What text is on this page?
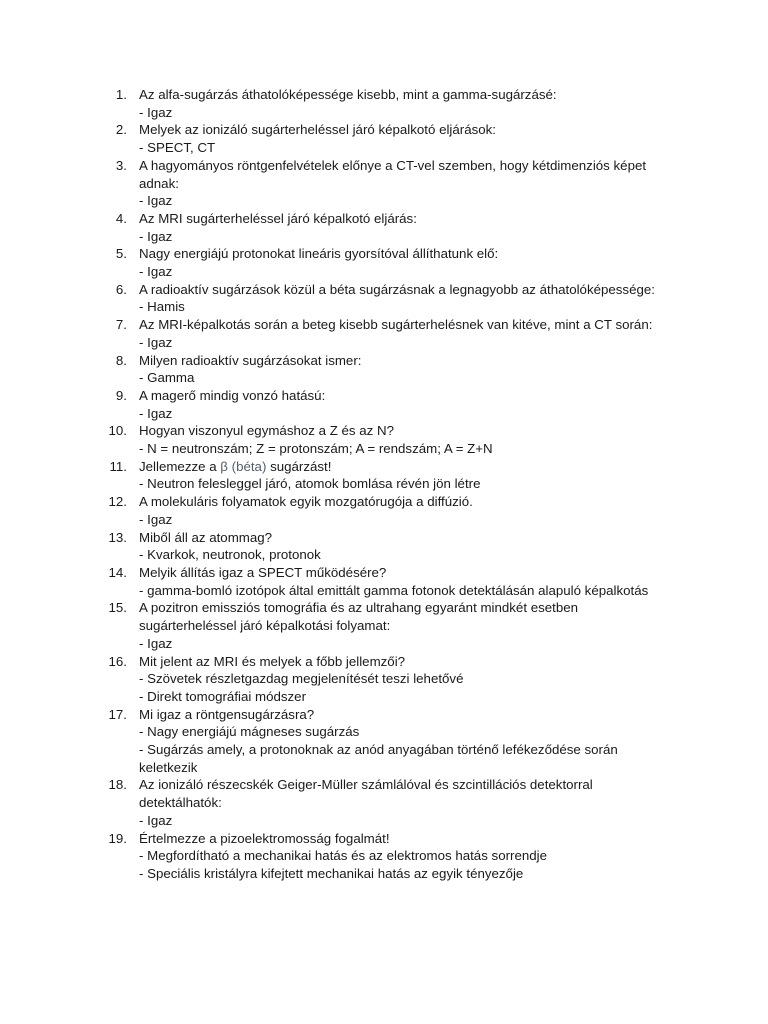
1. Az alfa-sugárzás áthatolóképessége kisebb, mint a gamma-sugárzásé:
- Igaz
2. Melyek az ionizáló sugárterheléssel járó képalkotó eljárások:
- SPECT, CT
3. A hagyományos röntgenfelvételek előnye a CT-vel szemben, hogy kétdimenziós képet adnak:
- Igaz
4. Az MRI sugárterheléssel járó képalkotó eljárás:
- Igaz
5. Nagy energiájú protonokat lineáris gyorsítóval állíthatunk elő:
- Igaz
6. A radioaktív sugárzások közül a béta sugárzásnak a legnagyobb az áthatolóképessége:
- Hamis
7. Az MRI-képalkotás során a beteg kisebb sugárterhelésnek van kitéve, mint a CT során:
- Igaz
8. Milyen radioaktív sugárzásokat ismer:
- Gamma
9. A magerő mindig vonzó hatású:
- Igaz
10. Hogyan viszonyul egymáshoz a Z és az N?
- N = neutronszám; Z = protonszám; A = rendszám; A = Z+N
11. Jellemezze a β (béta) sugárzást!
- Neutron felesleggel járó, atomok bomlása révén jön létre
12. A molekuláris folyamatok egyik mozgatórugója a diffúzió.
- Igaz
13. Miből áll az atommag?
- Kvarkok, neutronok, protonok
14. Melyik állítás igaz a SPECT működésére?
- gamma-bomló izotópok által emittált gamma fotonok detektálásán alapuló képalkotás
15. A pozitron emissziós tomográfia és az ultrahang egyaránt mindkét esetben sugárterheléssel járó képalkotási folyamat:
- Igaz
16. Mit jelent az MRI és melyek a főbb jellemzői?
- Szövetek részletgazdag megjelenítését teszi lehetővé
- Direkt tomográfiai módszer
17. Mi igaz a röntgensugárzásra?
- Nagy energiájú mágneses sugárzás
- Sugárzás amely, a protonoknak az anód anyagában történő lefékeződése során keletkezik
18. Az ionizáló részecskék Geiger-Müller számlálóval és szcintillációs detektorral detektálhatók:
- Igaz
19. Értelmezze a pizoelektromosság fogalmát!
- Megfordítható a mechanikai hatás és az elektromos hatás sorrendje
- Speciális kristályra kifejtett mechanikai hatás az egyik tényezője
